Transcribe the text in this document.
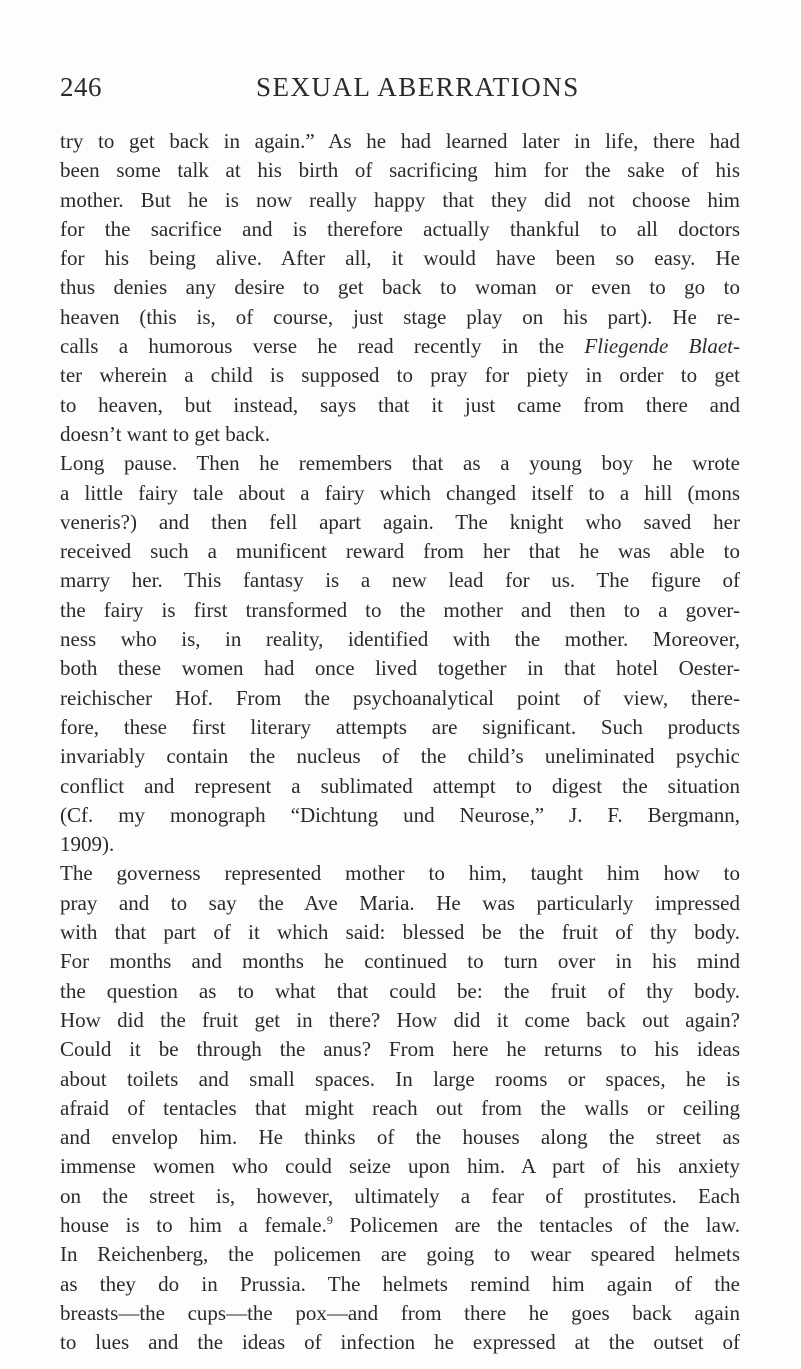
246	SEXUAL ABERRATIONS
try to get back in again.” As he had learned later in life, there had
been some talk at his birth of sacrificing him for the sake of his
mother. But he is now really happy that they did not choose him
for the sacrifice and is therefore actually thankful to all doctors
for his being alive. After all, it would have been so easy. He
thus denies any desire to get back to woman or even to go to
heaven (this is, of course, just stage play on his part). He re-
calls a humorous verse he read recently in the Fliegende Blaet-
ter wherein a child is supposed to pray for piety in order to get
to heaven, but instead, says that it just came from there and
doesn’t want to get back.
Long pause. Then he remembers that as a young boy he wrote
a little fairy tale about a fairy which changed itself to a hill (mons
veneris?) and then fell apart again. The knight who saved her
received such a munificent reward from her that he was able to
marry her. This fantasy is a new lead for us. The figure of
the fairy is first transformed to the mother and then to a gover-
ness who is, in reality, identified with the mother. Moreover,
both these women had once lived together in that hotel Oester-
reichischer Hof. From the psychoanalytical point of view, there-
fore, these first literary attempts are significant. Such products
invariably contain the nucleus of the child’s uneliminated psychic
conflict and represent a sublimated attempt to digest the situation
(Cf. my monograph “Dichtung und Neurose,” J. F. Bergmann,
1909).
The governess represented mother to him, taught him how to
pray and to say the Ave Maria. He was particularly impressed
with that part of it which said: blessed be the fruit of thy body.
For months and months he continued to turn over in his mind
the question as to what that could be: the fruit of thy body.
How did the fruit get in there? How did it come back out again?
Could it be through the anus? From here he returns to his ideas
about toilets and small spaces. In large rooms or spaces, he is
afraid of tentacles that might reach out from the walls or ceiling
and envelop him. He thinks of the houses along the street as
immense women who could seize upon him. A part of his anxiety
on the street is, however, ultimately a fear of prostitutes. Each
house is to him a female.$^9$ Policemen are the tentacles of the law.
In Reichenberg, the policemen are going to wear speared helmets
as they do in Prussia. The helmets remind him again of the
breasts—the cups—the pox—and from there he goes back again
to lues and the ideas of infection he expressed at the outset of
